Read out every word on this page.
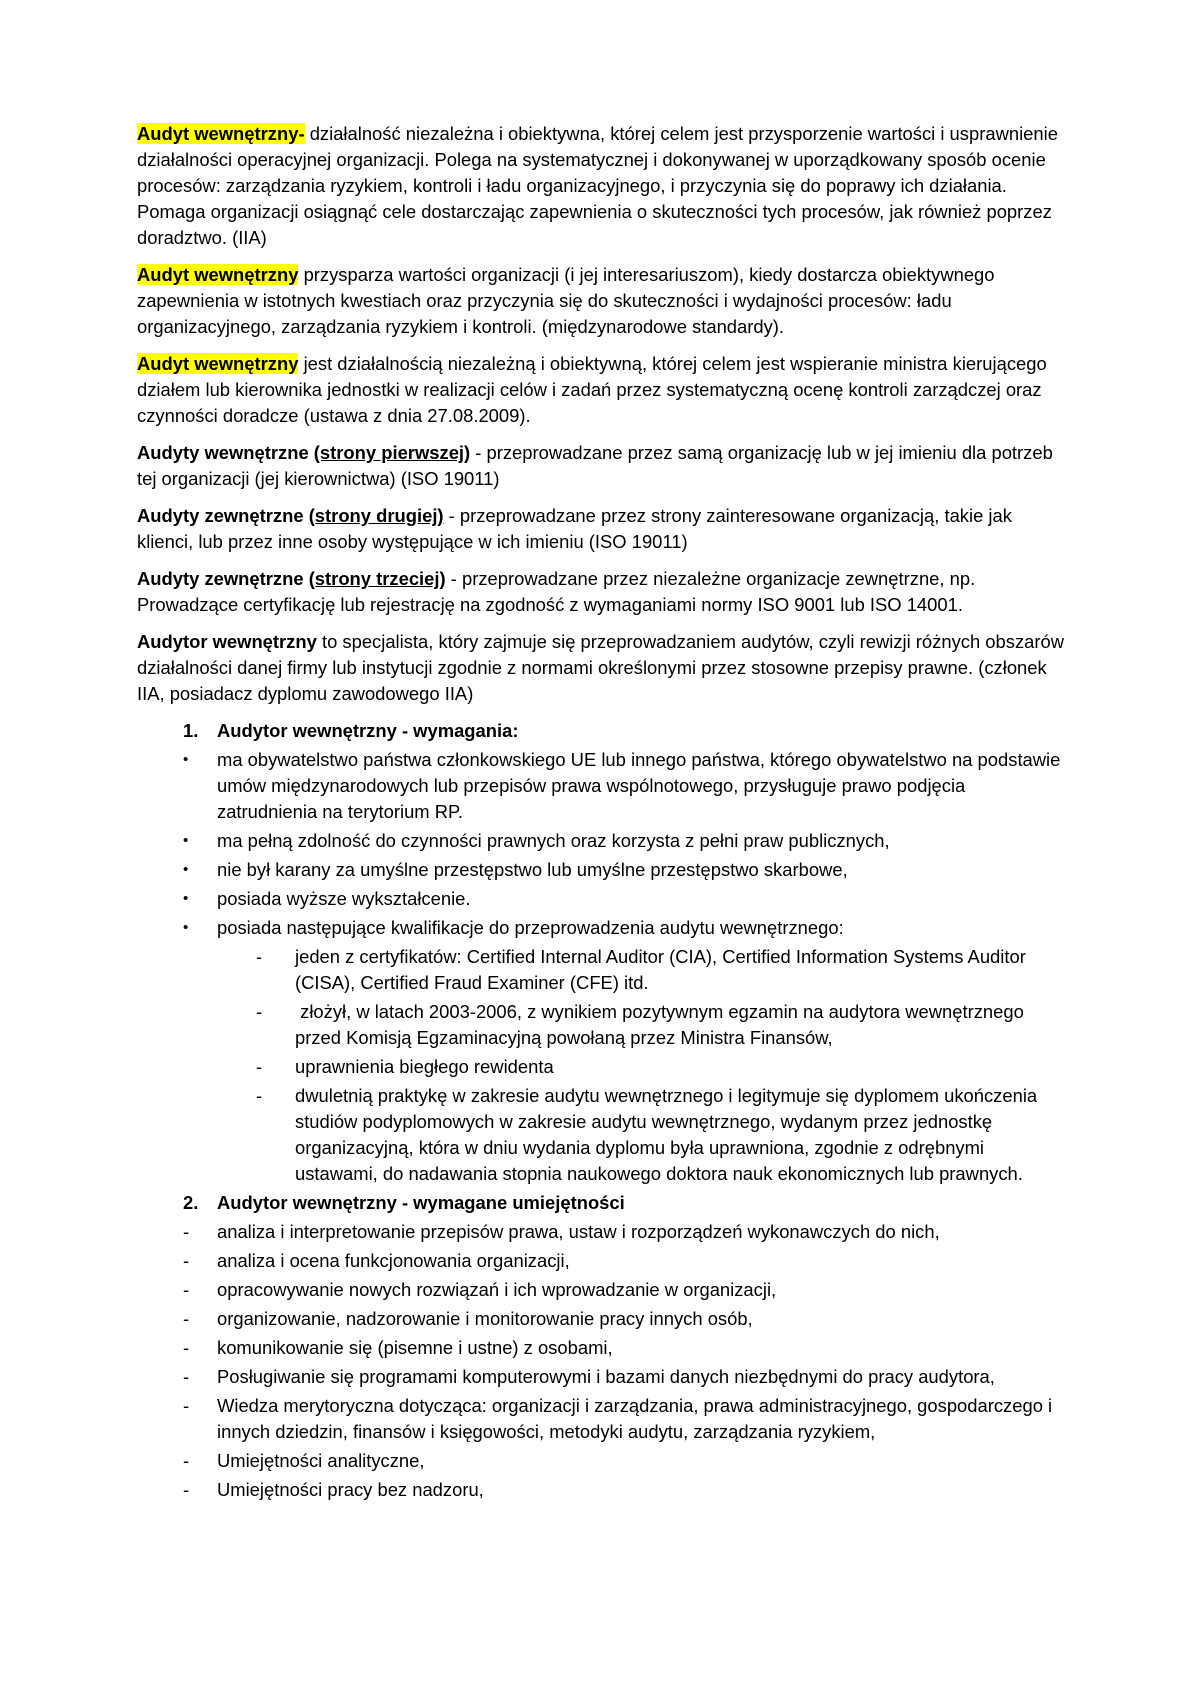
Audyt wewnętrzny- działalność niezależna i obiektywna, której celem jest przysporzenie wartości i usprawnienie działalności operacyjnej organizacji. Polega na systematycznej i dokonywanej w uporządkowany sposób ocenie procesów: zarządzania ryzykiem, kontroli i ładu organizacyjnego, i przyczynia się do poprawy ich działania. Pomaga organizacji osiągnąć cele dostarczając zapewnienia o skuteczności tych procesów, jak również poprzez doradztwo. (IIA)

Audyt wewnętrzny przysparza wartości organizacji (i jej interesariuszom), kiedy dostarcza obiektywnego zapewnienia w istotnych kwestiach oraz przyczynia się do skuteczności i wydajności procesów: ładu organizacyjnego, zarządzania ryzykiem i kontroli. (międzynarodowe standardy).

Audyt wewnętrzny jest działalnością niezależną i obiektywną, której celem jest wspieranie ministra kierującego działem lub kierownika jednostki w realizacji celów i zadań przez systematyczną ocenę kontroli zarządczej oraz czynności doradcze (ustawa z dnia 27.08.2009).

Audyty wewnętrzne (strony pierwszej) - przeprowadzane przez samą organizację lub w jej imieniu dla potrzeb tej organizacji (jej kierownictwa) (ISO 19011)

Audyty zewnętrzne (strony drugiej) - przeprowadzane przez strony zainteresowane organizacją, takie jak klienci, lub przez inne osoby występujące w ich imieniu (ISO 19011)

Audyty zewnętrzne (strony trzeciej) - przeprowadzane przez niezależne organizacje zewnętrzne, np. Prowadzące certyfikację lub rejestrację na zgodność z wymaganiami normy ISO 9001 lub ISO 14001.

Audytor wewnętrzny to specjalista, który zajmuje się przeprowadzaniem audytów, czyli rewizji różnych obszarów działalności danej firmy lub instytucji zgodnie z normami określonymi przez stosowne przepisy prawne. (członek IIA, posiadacz dyplomu zawodowego IIA)

1.	Audytor wewnętrzny - wymagania:
•	ma obywatelstwo państwa członkowskiego UE lub innego państwa, którego obywatelstwo na podstawie umów międzynarodowych lub przepisów prawa wspólnotowego, przysługuje prawo podjęcia zatrudnienia na terytorium RP.
•	ma pełną zdolność do czynności prawnych oraz korzysta z pełni praw publicznych,
•	nie był karany za umyślne przestępstwo lub umyślne przestępstwo skarbowe,
•	posiada wyższe wykształcenie.
•	posiada następujące kwalifikacje do przeprowadzenia audytu wewnętrznego:
-	jeden z certyfikatów: Certified Internal Auditor (CIA), Certified Information Systems Auditor (CISA), Certified Fraud Examiner (CFE) itd.
-	złożył, w latach 2003-2006, z wynikiem pozytywnym egzamin na audytora wewnętrznego przed Komisją Egzaminacyjną powołaną przez Ministra Finansów,
-	uprawnienia biegłego rewidenta
-	dwuletnią praktykę w zakresie audytu wewnętrznego i legitymuje się dyplomem ukończenia studiów podyplomowych w zakresie audytu wewnętrznego, wydanym przez jednostkę organizacyjną, która w dniu wydania dyplomu była uprawniona, zgodnie z odrębnymi ustawami, do nadawania stopnia naukowego doktora nauk ekonomicznych lub prawnych.
2.	Audytor wewnętrzny - wymagane umiejętności
-	analiza i interpretowanie przepisów prawa, ustaw i rozporządzeń wykonawczych do nich,
-	analiza i ocena funkcjonowania organizacji,
-	opracowywanie nowych rozwiązań i ich wprowadzanie w organizacji,
-	organizowanie, nadzorowanie i monitorowanie pracy innych osób,
-	komunikowanie się (pisemne i ustne) z osobami,
-	Posługiwanie się programami komputerowymi i bazami danych niezbędnymi do pracy audytora,
-	Wiedza merytoryczna dotycząca: organizacji i zarządzania, prawa administracyjnego, gospodarczego i innych dziedzin, finansów i księgowości, metodyki audytu, zarządzania ryzykiem,
-	Umiejętności analityczne,
-	Umiejętności pracy bez nadzoru,
